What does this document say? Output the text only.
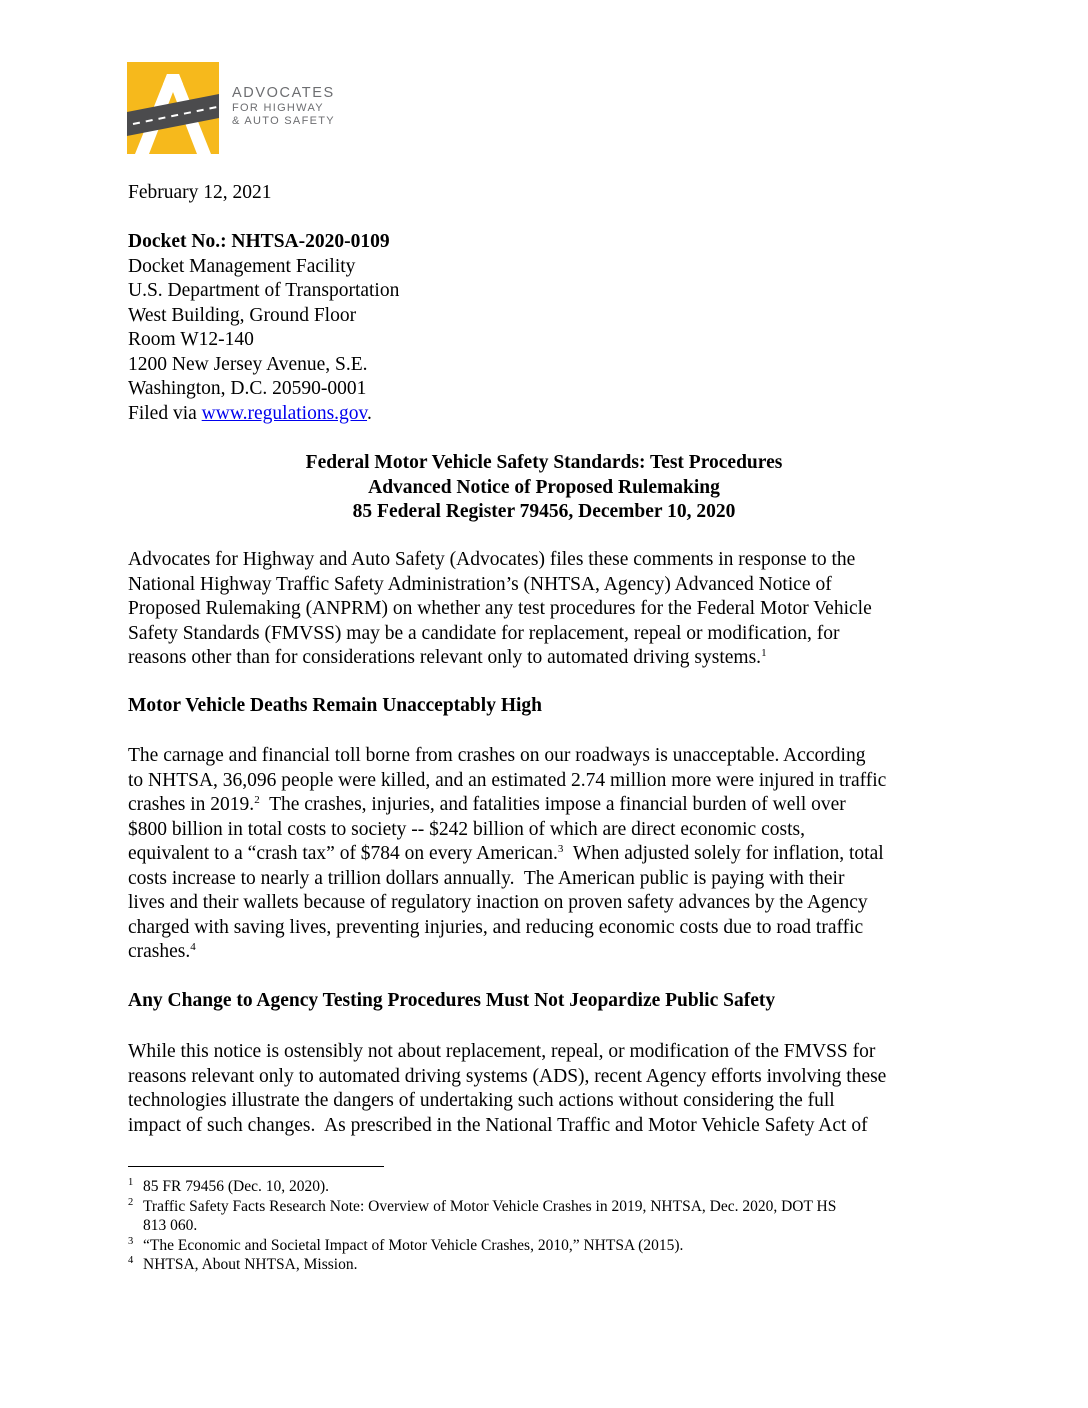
ADVOCATES
FOR HIGHWAY
& AUTO SAFETY
February 12, 2021
Docket No.: NHTSA-2020-0109
Docket Management Facility
U.S. Department of Transportation
West Building, Ground Floor
Room W12-140
1200 New Jersey Avenue, S.E.
Washington, D.C. 20590-0001
Filed via www.regulations.gov.
Federal Motor Vehicle Safety Standards: Test Procedures
Advanced Notice of Proposed Rulemaking
85 Federal Register 79456, December 10, 2020
Advocates for Highway and Auto Safety (Advocates) files these comments in response to the
National Highway Traffic Safety Administration’s (NHTSA, Agency) Advanced Notice of
Proposed Rulemaking (ANPRM) on whether any test procedures for the Federal Motor Vehicle
Safety Standards (FMVSS) may be a candidate for replacement, repeal or modification, for
reasons other than for considerations relevant only to automated driving systems.$^1$
Motor Vehicle Deaths Remain Unacceptably High
The carnage and financial toll borne from crashes on our roadways is unacceptable. According
to NHTSA, 36,096 people were killed, and an estimated 2.74 million more were injured in traffic
crashes in 2019.$^2$  The crashes, injuries, and fatalities impose a financial burden of well over
$800 billion in total costs to society -- $242 billion of which are direct economic costs,
equivalent to a “crash tax” of $784 on every American.$^3$  When adjusted solely for inflation, total
costs increase to nearly a trillion dollars annually.  The American public is paying with their
lives and their wallets because of regulatory inaction on proven safety advances by the Agency
charged with saving lives, preventing injuries, and reducing economic costs due to road traffic
crashes.$^4$
Any Change to Agency Testing Procedures Must Not Jeopardize Public Safety
While this notice is ostensibly not about replacement, repeal, or modification of the FMVSS for
reasons relevant only to automated driving systems (ADS), recent Agency efforts involving these
technologies illustrate the dangers of undertaking such actions without considering the full
impact of such changes.  As prescribed in the National Traffic and Motor Vehicle Safety Act of
1 85 FR 79456 (Dec. 10, 2020).
2 Traffic Safety Facts Research Note: Overview of Motor Vehicle Crashes in 2019, NHTSA, Dec. 2020, DOT HS
813 060.
3 “The Economic and Societal Impact of Motor Vehicle Crashes, 2010,” NHTSA (2015).
4 NHTSA, About NHTSA, Mission.
